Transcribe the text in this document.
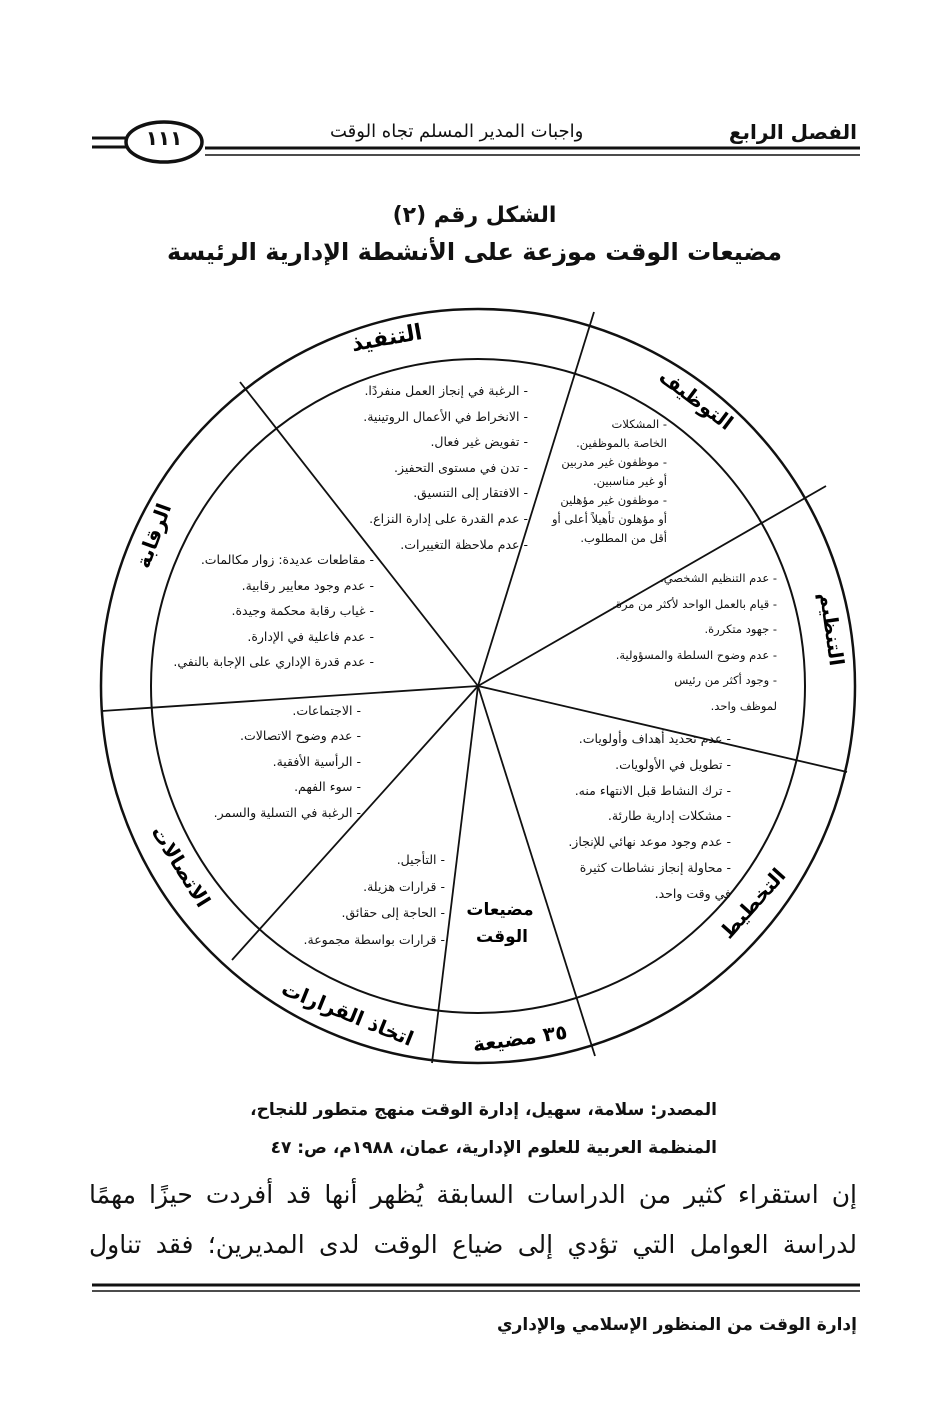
الفصل الرابع
واجبات المدير المسلم تجاه الوقت
١١١
الشكل رقم (٢)
مضيعات الوقت موزعة على الأنشطة الإدارية الرئيسة
التنفيذ
التوظيف
التنظيم
التخطيط
٣٥ مضيعة
اتخاذ القرارات
الاتصالات
الرقابة
مضيعات
الوقت
- الرغبة في إنجاز العمل منفردًا.
- الانخراط في الأعمال الروتينية.
- تفويض غير فعال.
- تدن في مستوى التحفيز.
- الافتقار إلى التنسيق.
- عدم القدرة على إدارة النزاع.
- عدم ملاحظة التغييرات.
- المشكلات
الخاصة بالموظفين.
- موظفون غير مدربين
أو غير مناسبين.
- موظفون غير مؤهلين
أو مؤهلون تأهيلاً أعلى أو
أقل من المطلوب.
- عدم التنظيم الشخصي.
- قيام بالعمل الواحد لأكثر من مرة.
- جهود متكررة.
- عدم وضوح السلطة والمسؤولية.
- وجود أكثر من رئيس
لموظف واحد.
- عدم تحديد أهداف وأولويات.
- تطويل في الأولويات.
- ترك النشاط قبل الانتهاء منه.
- مشكلات إدارية طارئة.
- عدم وجود موعد نهائي للإنجاز.
- محاولة إنجاز نشاطات كثيرة
في وقت واحد.
- التأجيل.
- قرارات هزيلة.
- الحاجة إلى حقائق.
- قرارات بواسطة مجموعة.
- الاجتماعات.
- عدم وضوح الاتصالات.
- الرأسية الأفقية.
- سوء الفهم.
- الرغبة في التسلية والسمر.
- مقاطعات عديدة: زوار مكالمات.
- عدم وجود معايير رقابية.
- غياب رقابة محكمة وجيدة.
- عدم فاعلية في الإدارة.
- عدم قدرة الإداري على الإجابة بالنفي.
المصدر: سلامة، سهيل، إدارة الوقت منهج متطور للنجاح،
المنظمة العربية للعلوم الإدارية، عمان، ١٩٨٨م، ص: ٤٧
إن استقراء كثير من الدراسات السابقة يُظهر أنها قد أفردت حيزًا مهمًا
لدراسة العوامل التي تؤدي إلى ضياع الوقت لدى المديرين؛ فقد تناول
إدارة الوقت من المنظور الإسلامي والإداري
